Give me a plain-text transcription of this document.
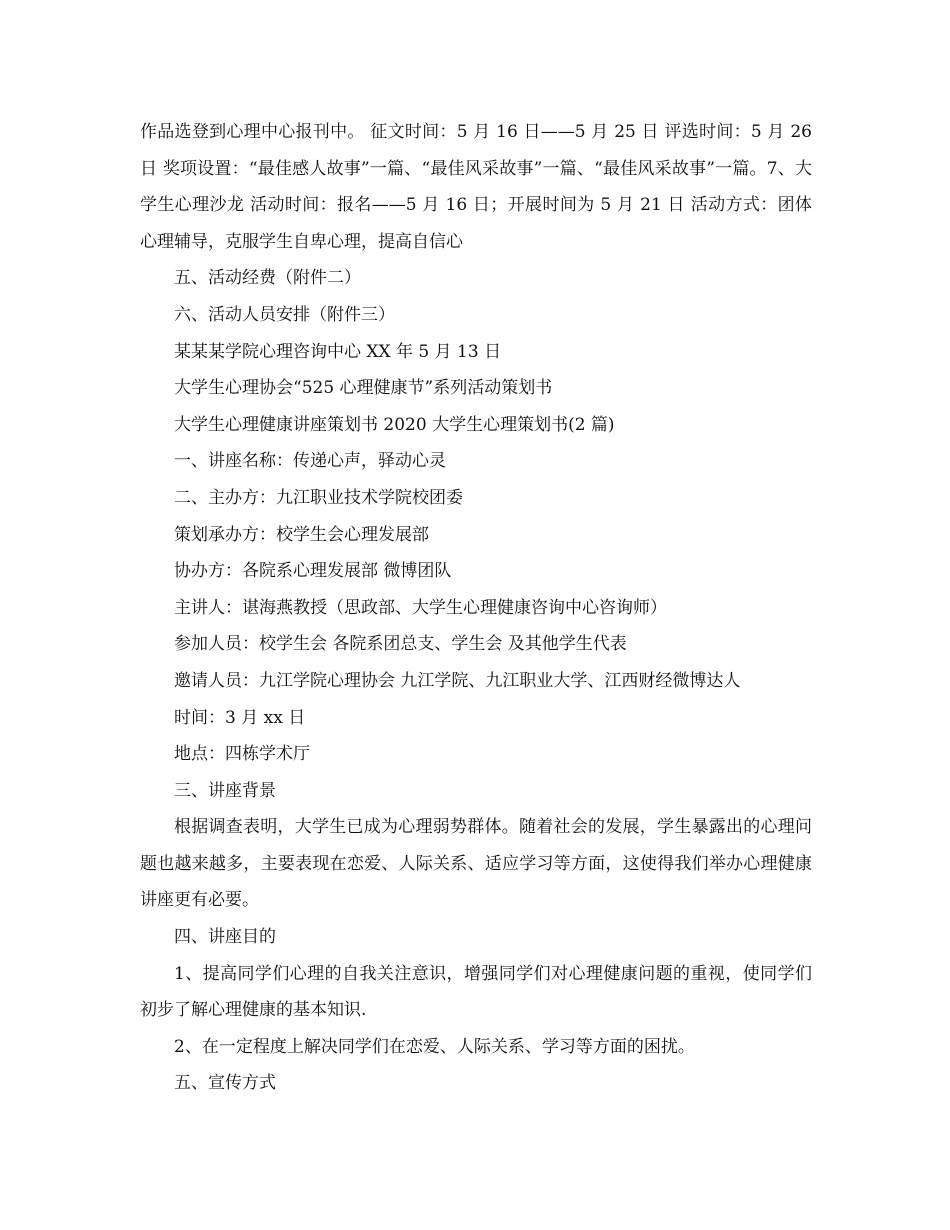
作品选登到心理中心报刊中。 征文时间：5 月 16 日——5 月 25 日 评选时间：5 月 26 日 奖项设置：“最佳感人故事”一篇、“最佳风采故事”一篇、“最佳风采故事”一篇。7、大学生心理沙龙 活动时间：报名——5 月 16 日；开展时间为 5 月 21 日 活动方式：团体心理辅导，克服学生自卑心理，提高自信心

五、活动经费（附件二）

六、活动人员安排（附件三）

某某某学院心理咨询中心 XX 年 5 月 13 日

大学生心理协会“525 心理健康节”系列活动策划书

大学生心理健康讲座策划书 2020 大学生心理策划书(2 篇)

一、讲座名称：传递心声，驿动心灵

二、主办方：九江职业技术学院校团委

策划承办方：校学生会心理发展部

协办方：各院系心理发展部 微博团队

主讲人：谌海燕教授（思政部、大学生心理健康咨询中心咨询师）

参加人员：校学生会 各院系团总支、学生会 及其他学生代表

邀请人员：九江学院心理协会 九江学院、九江职业大学、江西财经微博达人

时间：3 月 xx 日

地点：四栋学术厅

三、讲座背景

根据调查表明，大学生已成为心理弱势群体。随着社会的发展，学生暴露出的心理问题也越来越多，主要表现在恋爱、人际关系、适应学习等方面，这使得我们举办心理健康讲座更有必要。

四、讲座目的

1、提高同学们心理的自我关注意识，增强同学们对心理健康问题的重视，使同学们初步了解心理健康的基本知识.

2、在一定程度上解决同学们在恋爱、人际关系、学习等方面的困扰。

五、宣传方式
